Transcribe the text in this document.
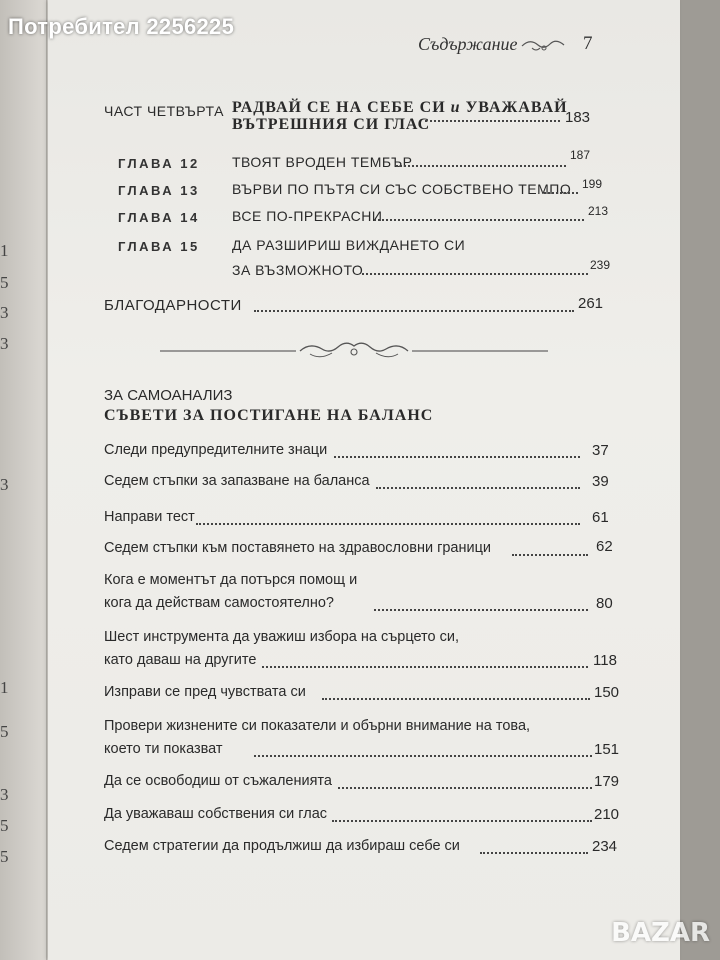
1
5
3
3
3
1
5
3
5
5
Съдържание	7
ЧАСТ ЧЕТВЪРТА РАДВАЙ СЕ НА СЕБЕ СИ и УВАЖАВАЙ
ВЪТРЕШНИЯ СИ ГЛАС	183
ГЛАВА 12 ТВОЯТ ВРОДЕН ТЕМБЪР	187
ГЛАВА 13 ВЪРВИ ПО ПЪТЯ СИ СЪС СОБСТВЕНО ТЕМПО 199
ГЛАВА 14 ВСЕ ПО-ПРЕКРАСНИ	213
ГЛАВА 15 ДА РАЗШИРИШ ВИЖДАНЕТО СИ
ЗА ВЪЗМОЖНОТО	239
БЛАГОДАРНОСТИ	261
ЗА САМОАНАЛИЗ
СЪВЕТИ ЗА ПОСТИГАНЕ НА БАЛАНС
Следи предупредителните знаци	37
Седем стъпки за запазване на баланса	39
Направи тест	61
Седем стъпки към поставянето на здравословни граници	62
Кога е моментът да потърся помощ и
кога да действам самостоятелно?	80
Шест инструмента да уважиш избора на сърцето си,
като даваш на другите	118
Изправи се пред чувствата си	150
Провери жизнените си показатели и обърни внимание на това,
което ти показват	151
Да се освободиш от съжаленията	179
Да уважаваш собствения си глас	210
Седем стратегии да продължиш да избираш себе си	234
Потребител 2256225
BAZAR
